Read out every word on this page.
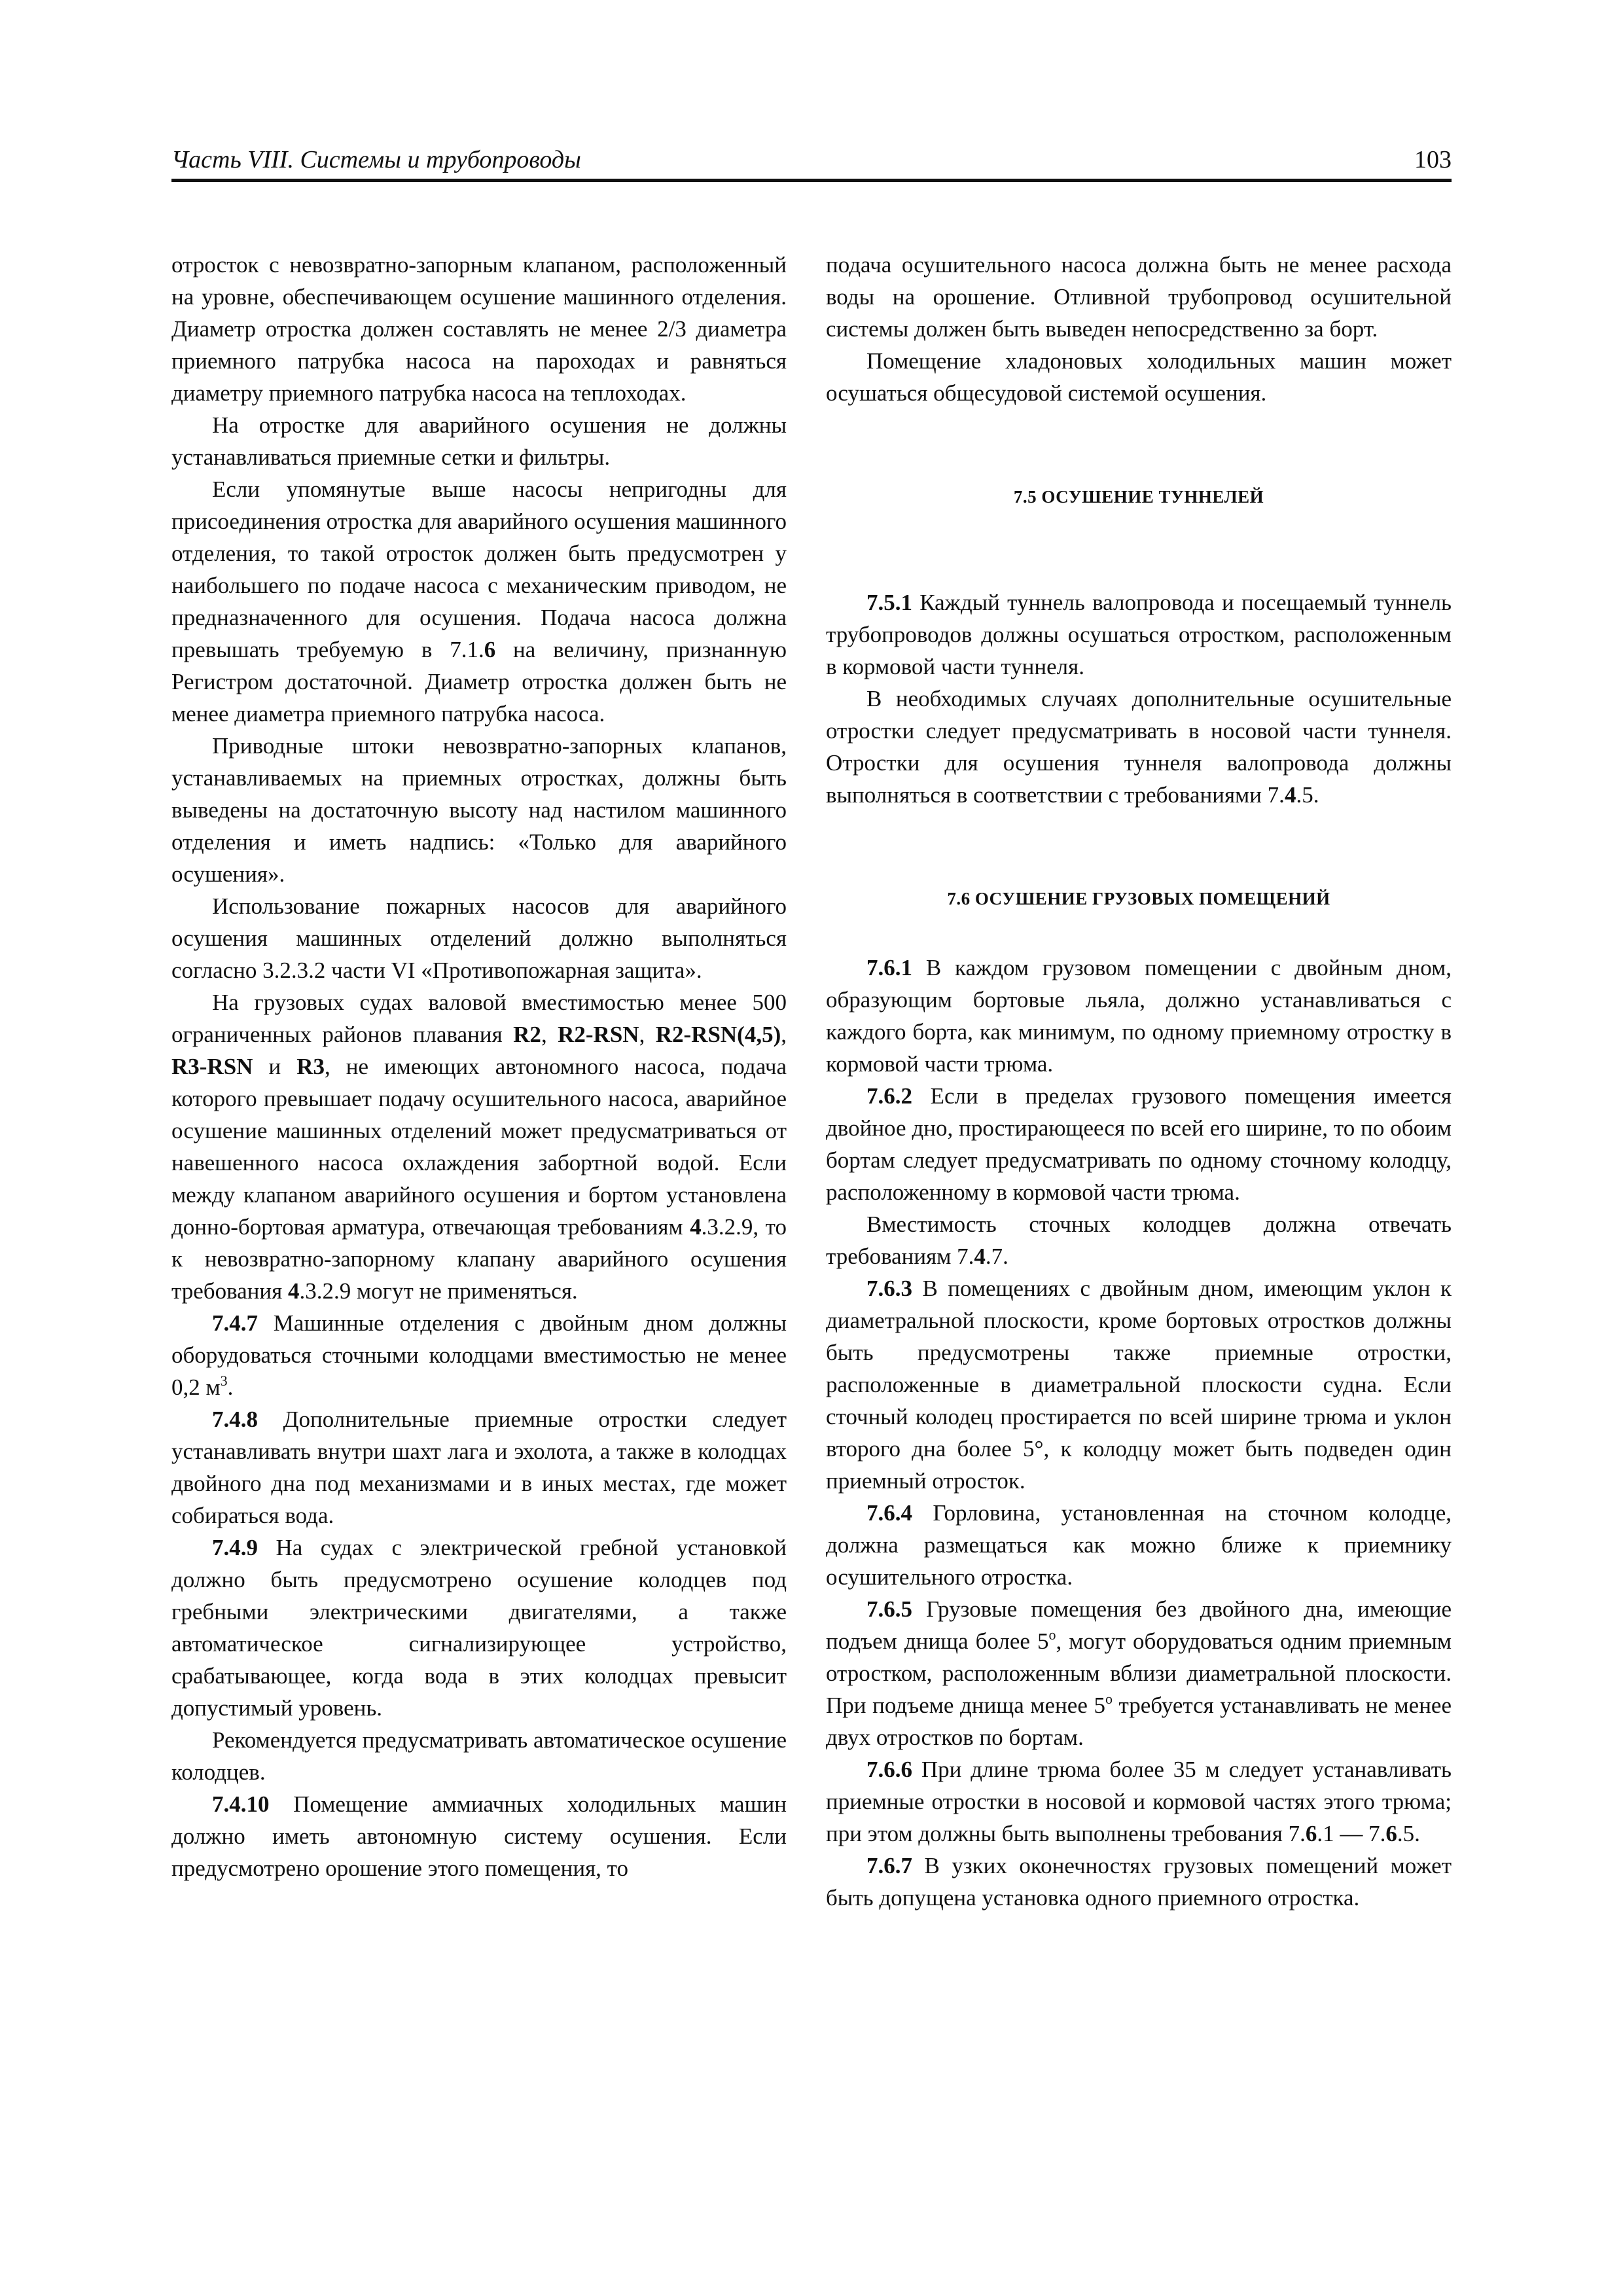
Часть VIII. Системы и трубопроводы	103

отросток с невозвратно-запорным клапаном, расположенный на уровне, обеспечивающем осушение машинного отделения. Диаметр отростка должен составлять не менее 2/3 диаметра приемного патрубка насоса на пароходах и равняться диаметру приемного патрубка насоса на теплоходах.

На отростке для аварийного осушения не должны устанавливаться приемные сетки и фильтры.

Если упомянутые выше насосы непригодны для присоединения отростка для аварийного осушения машинного отделения, то такой отросток должен быть предусмотрен у наибольшего по подаче насоса с механическим приводом, не предназначенного для осушения. Подача насоса должна превышать требуемую в 7.1.6 на величину, признанную Регистром достаточной. Диаметр отростка должен быть не менее диаметра приемного патрубка насоса.

Приводные штоки невозвратно-запорных клапанов, устанавливаемых на приемных отростках, должны быть выведены на достаточную высоту над настилом машинного отделения и иметь надпись: «Только для аварийного осушения».

Использование пожарных насосов для аварийного осушения машинных отделений должно выполняться согласно 3.2.3.2 части VI «Противопожарная защита».

На грузовых судах валовой вместимостью менее 500 ограниченных районов плавания R2, R2-RSN, R2-RSN(4,5), R3-RSN и R3, не имеющих автономного насоса, подача которого превышает подачу осушительного насоса, аварийное осушение машинных отделений может предусматриваться от навешенного насоса охлаждения забортной водой. Если между клапаном аварийного осушения и бортом установлена донно-бортовая арматура, отвечающая требованиям 4.3.2.9, то к невозвратно-запорному клапану аварийного осушения требования 4.3.2.9 могут не применяться.

7.4.7 Машинные отделения с двойным дном должны оборудоваться сточными колодцами вместимостью не менее 0,2 $м^3$.

7.4.8 Дополнительные приемные отростки следует устанавливать внутри шахт лага и эхолота, а также в колодцах двойного дна под механизмами и в иных местах, где может собираться вода.

7.4.9 На судах с электрической гребной установкой должно быть предусмотрено осушение колодцев под гребными электрическими двигателями, а также автоматическое сигнализирующее устройство, срабатывающее, когда вода в этих колодцах превысит допустимый уровень.

Рекомендуется предусматривать автоматическое осушение колодцев.

7.4.10 Помещение аммиачных холодильных машин должно иметь автономную систему осушения. Если предусмотрено орошение этого помещения, то

подача осушительного насоса должна быть не менее расхода воды на орошение. Отливной трубопровод осушительной системы должен быть выведен непосредственно за борт.

Помещение хладоновых холодильных машин может осушаться общесудовой системой осушения.

7.5 ОСУШЕНИЕ ТУННЕЛЕЙ

7.5.1 Каждый туннель валопровода и посещаемый туннель трубопроводов должны осушаться отростком, расположенным в кормовой части туннеля.

В необходимых случаях дополнительные осушительные отростки следует предусматривать в носовой части туннеля. Отростки для осушения туннеля валопровода должны выполняться в соответствии с требованиями 7.4.5.

7.6 ОСУШЕНИЕ ГРУЗОВЫХ ПОМЕЩЕНИЙ

7.6.1 В каждом грузовом помещении с двойным дном, образующим бортовые льяла, должно устанавливаться с каждого борта, как минимум, по одному приемному отростку в кормовой части трюма.

7.6.2 Если в пределах грузового помещения имеется двойное дно, простирающееся по всей его ширине, то по обоим бортам следует предусматривать по одному сточному колодцу, расположенному в кормовой части трюма.

Вместимость сточных колодцев должна отвечать требованиям 7.4.7.

7.6.3 В помещениях с двойным дном, имеющим уклон к диаметральной плоскости, кроме бортовых отростков должны быть предусмотрены также приемные отростки, расположенные в диаметральной плоскости судна. Если сточный колодец простирается по всей ширине трюма и уклон второго дна более 5°, к колодцу может быть подведен один приемный отросток.

7.6.4 Горловина, установленная на сточном колодце, должна размещаться как можно ближе к приемнику осушительного отростка.

7.6.5 Грузовые помещения без двойного дна, имеющие подъем днища более $5^о$, могут оборудоваться одним приемным отростком, расположенным вблизи диаметральной плоскости. При подъеме днища менее $5^о$ требуется устанавливать не менее двух отростков по бортам.

7.6.6 При длине трюма более 35 м следует устанавливать приемные отростки в носовой и кормовой частях этого трюма; при этом должны быть выполнены требования 7.6.1 — 7.6.5.

7.6.7 В узких оконечностях грузовых помещений может быть допущена установка одного приемного отростка.
